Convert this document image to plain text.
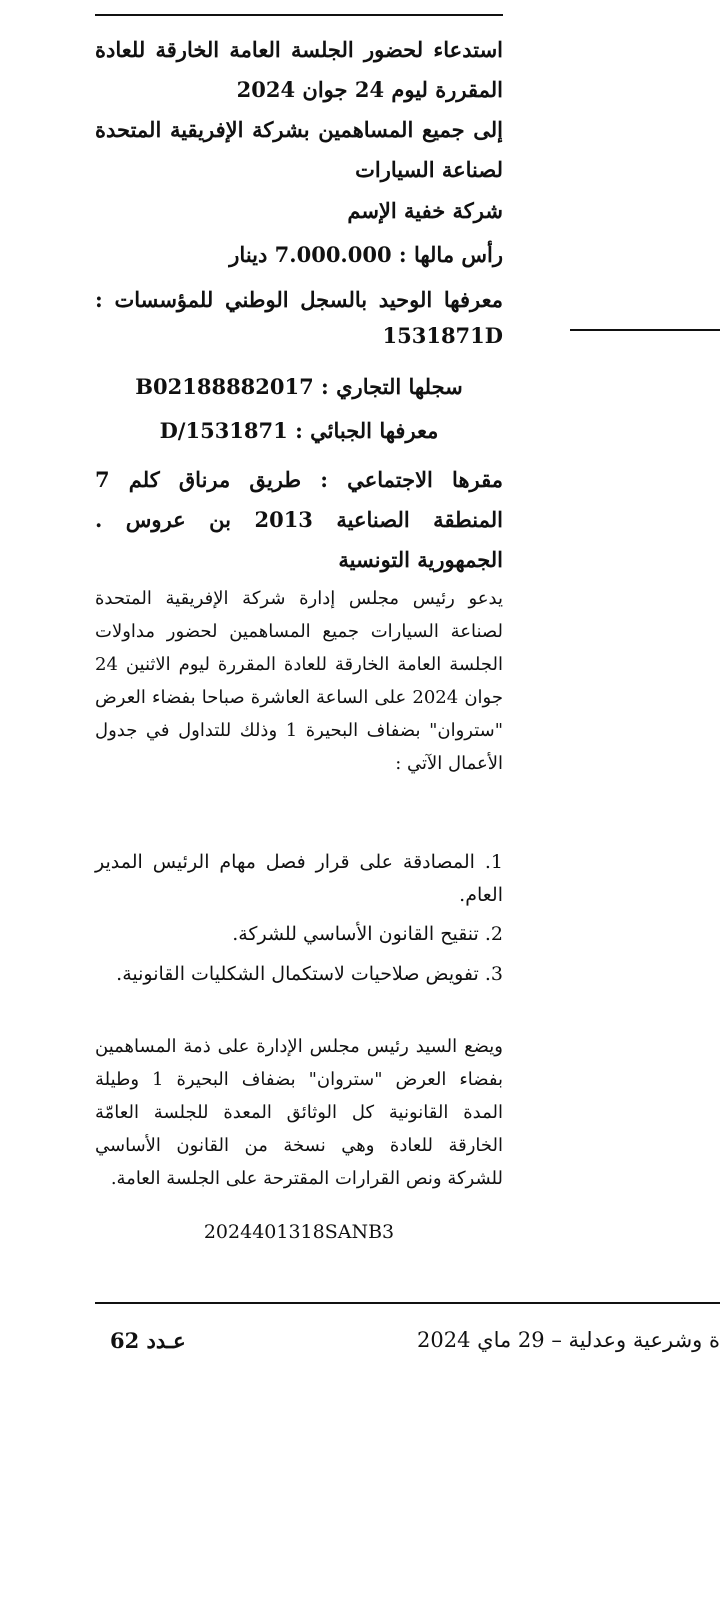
استدعاء لحضور الجلسة العامة الخارقة للعادة المقررة ليوم 24 جوان 2024
إلى جميع المساهمين بشركة الإفريقية المتحدة لصناعة السيارات
شركة خفية الإسم
رأس مالها : 7.000.000 دينار
معرفها الوحيد بالسجل الوطني للمؤسسات : 1531871D
سجلها التجاري : B02188882017
معرفها الجبائي : 1531871/D
مقرها الاجتماعي : طريق مرناق كلم 7 المنطقة الصناعية 2013 بن عروس . الجمهورية التونسية
يدعو رئيس مجلس إدارة شركة الإفريقية المتحدة لصناعة السيارات جميع المساهمين لحضور مداولات الجلسة العامة الخارقة للعادة المقررة ليوم الاثنين 24 جوان 2024 على الساعة العاشرة صباحا بفضاء العرض "ستروان" بضفاف البحيرة 1 وذلك للتداول في جدول الأعمال الآتي :
1. المصادقة على قرار فصل مهام الرئيس المدير العام.
2. تنقيح القانون الأساسي للشركة.
3. تفويض صلاحيات لاستكمال الشكليات القانونية.
ويضع السيد رئيس مجلس الإدارة على ذمة المساهمين بفضاء العرض "ستروان" بضفاف البحيرة 1 وطيلة المدة القانونية كل الوثائق المعدة للجلسة العامّة الخارقة للعادة وهي نسخة من القانون الأساسي للشركة ونص القرارات المقترحة على الجلسة العامة.
2024401318SANB3
ة وشرعية وعدلية – 29 ماي 2024
عـدد 62
